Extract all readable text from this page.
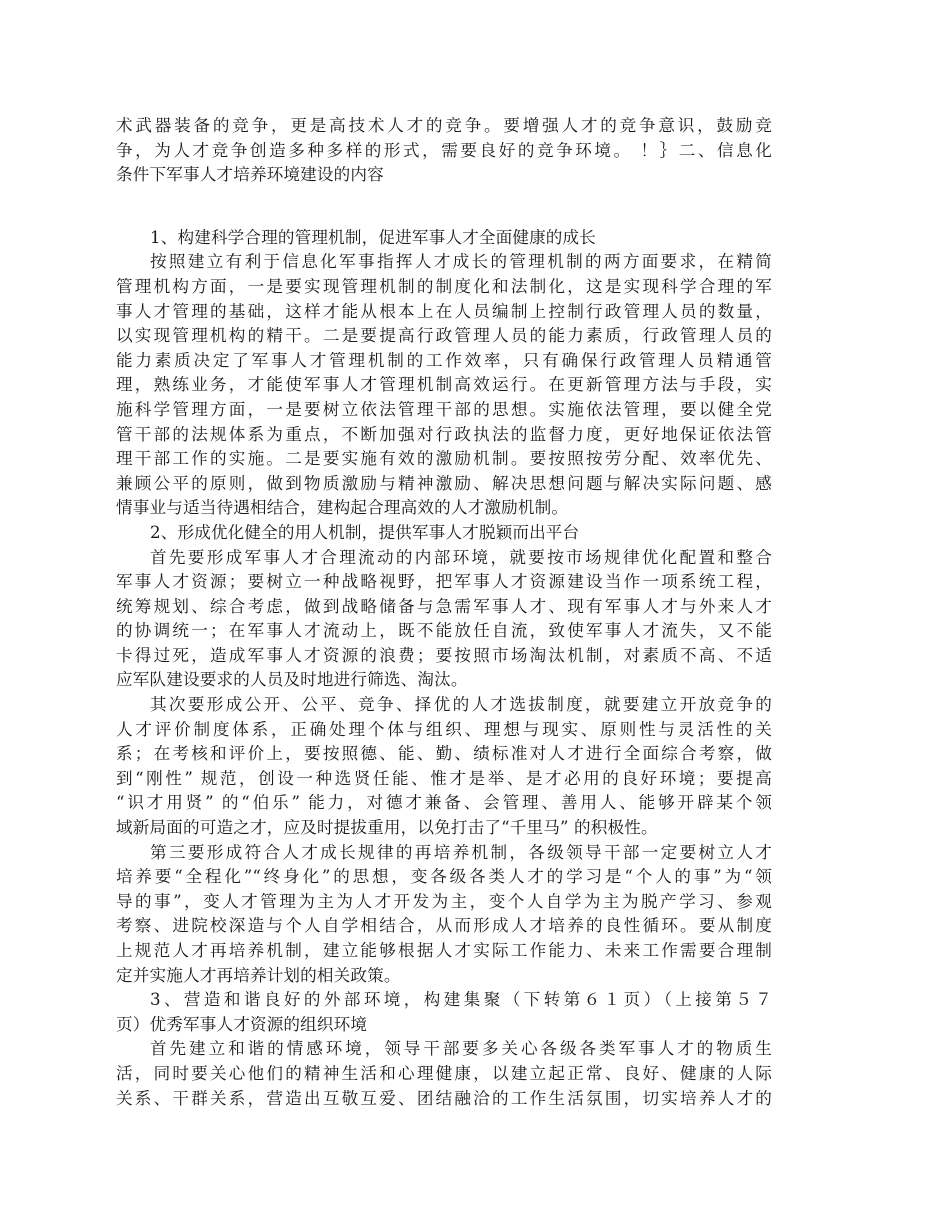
术武器装备的竞争，更是高技术人才的竞争。要增强人才的竞争意识，鼓励竞
争，为人才竞争创造多种多样的形式，需要良好的竞争环境。 ！｝二、信息化
条件下军事人才培养环境建设的内容
1、构建科学合理的管理机制，促进军事人才全面健康的成长
按照建立有利于信息化军事指挥人才成长的管理机制的两方面要求，在精简
管理机构方面，一是要实现管理机制的制度化和法制化，这是实现科学合理的军
事人才管理的基础，这样才能从根本上在人员编制上控制行政管理人员的数量，
以实现管理机构的精干。二是要提高行政管理人员的能力素质，行政管理人员的
能力素质决定了军事人才管理机制的工作效率，只有确保行政管理人员精通管
理，熟练业务，才能使军事人才管理机制高效运行。在更新管理方法与手段，实
施科学管理方面，一是要树立依法管理干部的思想。实施依法管理，要以健全党
管干部的法规体系为重点，不断加强对行政执法的监督力度，更好地保证依法管
理干部工作的实施。二是要实施有效的激励机制。要按照按劳分配、效率优先、
兼顾公平的原则，做到物质激励与精神激励、解决思想问题与解决实际问题、感
情事业与适当待遇相结合，建构起合理高效的人才激励机制。
2、形成优化健全的用人机制，提供军事人才脱颖而出平台
首先要形成军事人才合理流动的内部环境，就要按市场规律优化配置和整合
军事人才资源；要树立一种战略视野，把军事人才资源建设当作一项系统工程，
统筹规划、综合考虑，做到战略储备与急需军事人才、现有军事人才与外来人才
的协调统一；在军事人才流动上，既不能放任自流，致使军事人才流失，又不能
卡得过死，造成军事人才资源的浪费；要按照市场淘汰机制，对素质不高、不适
应军队建设要求的人员及时地进行筛选、淘汰。
其次要形成公开、公平、竞争、择优的人才选拔制度，就要建立开放竞争的
人才评价制度体系，正确处理个体与组织、理想与现实、原则性与灵活性的关
系；在考核和评价上，要按照德、能、勤、绩标准对人才进行全面综合考察，做
到“刚性” 规范，创设一种选贤任能、惟才是举、是才必用的良好环境；要提高
“识才用贤” 的“伯乐” 能力，对德才兼备、会管理、善用人、能够开辟某个领
域新局面的可造之才，应及时提拔重用，以免打击了“千里马” 的积极性。
第三要形成符合人才成长规律的再培养机制，各级领导干部一定要树立人才
培养要“全程化”“终身化”的思想，变各级各类人才的学习是“个人的事”为“领
导的事”，变人才管理为主为人才开发为主，变个人自学为主为脱产学习、参观
考察、进院校深造与个人自学相结合，从而形成人才培养的良性循环。要从制度
上规范人才再培养机制，建立能够根据人才实际工作能力、未来工作需要合理制
定并实施人才再培养计划的相关政策。
3、营造和谐良好的外部环境，构建集聚（下转第６１页）（上接第５７
页）优秀军事人才资源的组织环境
首先建立和谐的情感环境，领导干部要多关心各级各类军事人才的物质生
活，同时要关心他们的精神生活和心理健康，以建立起正常、良好、健康的人际
关系、干群关系，营造出互敬互爱、团结融洽的工作生活氛围，切实培养人才的
